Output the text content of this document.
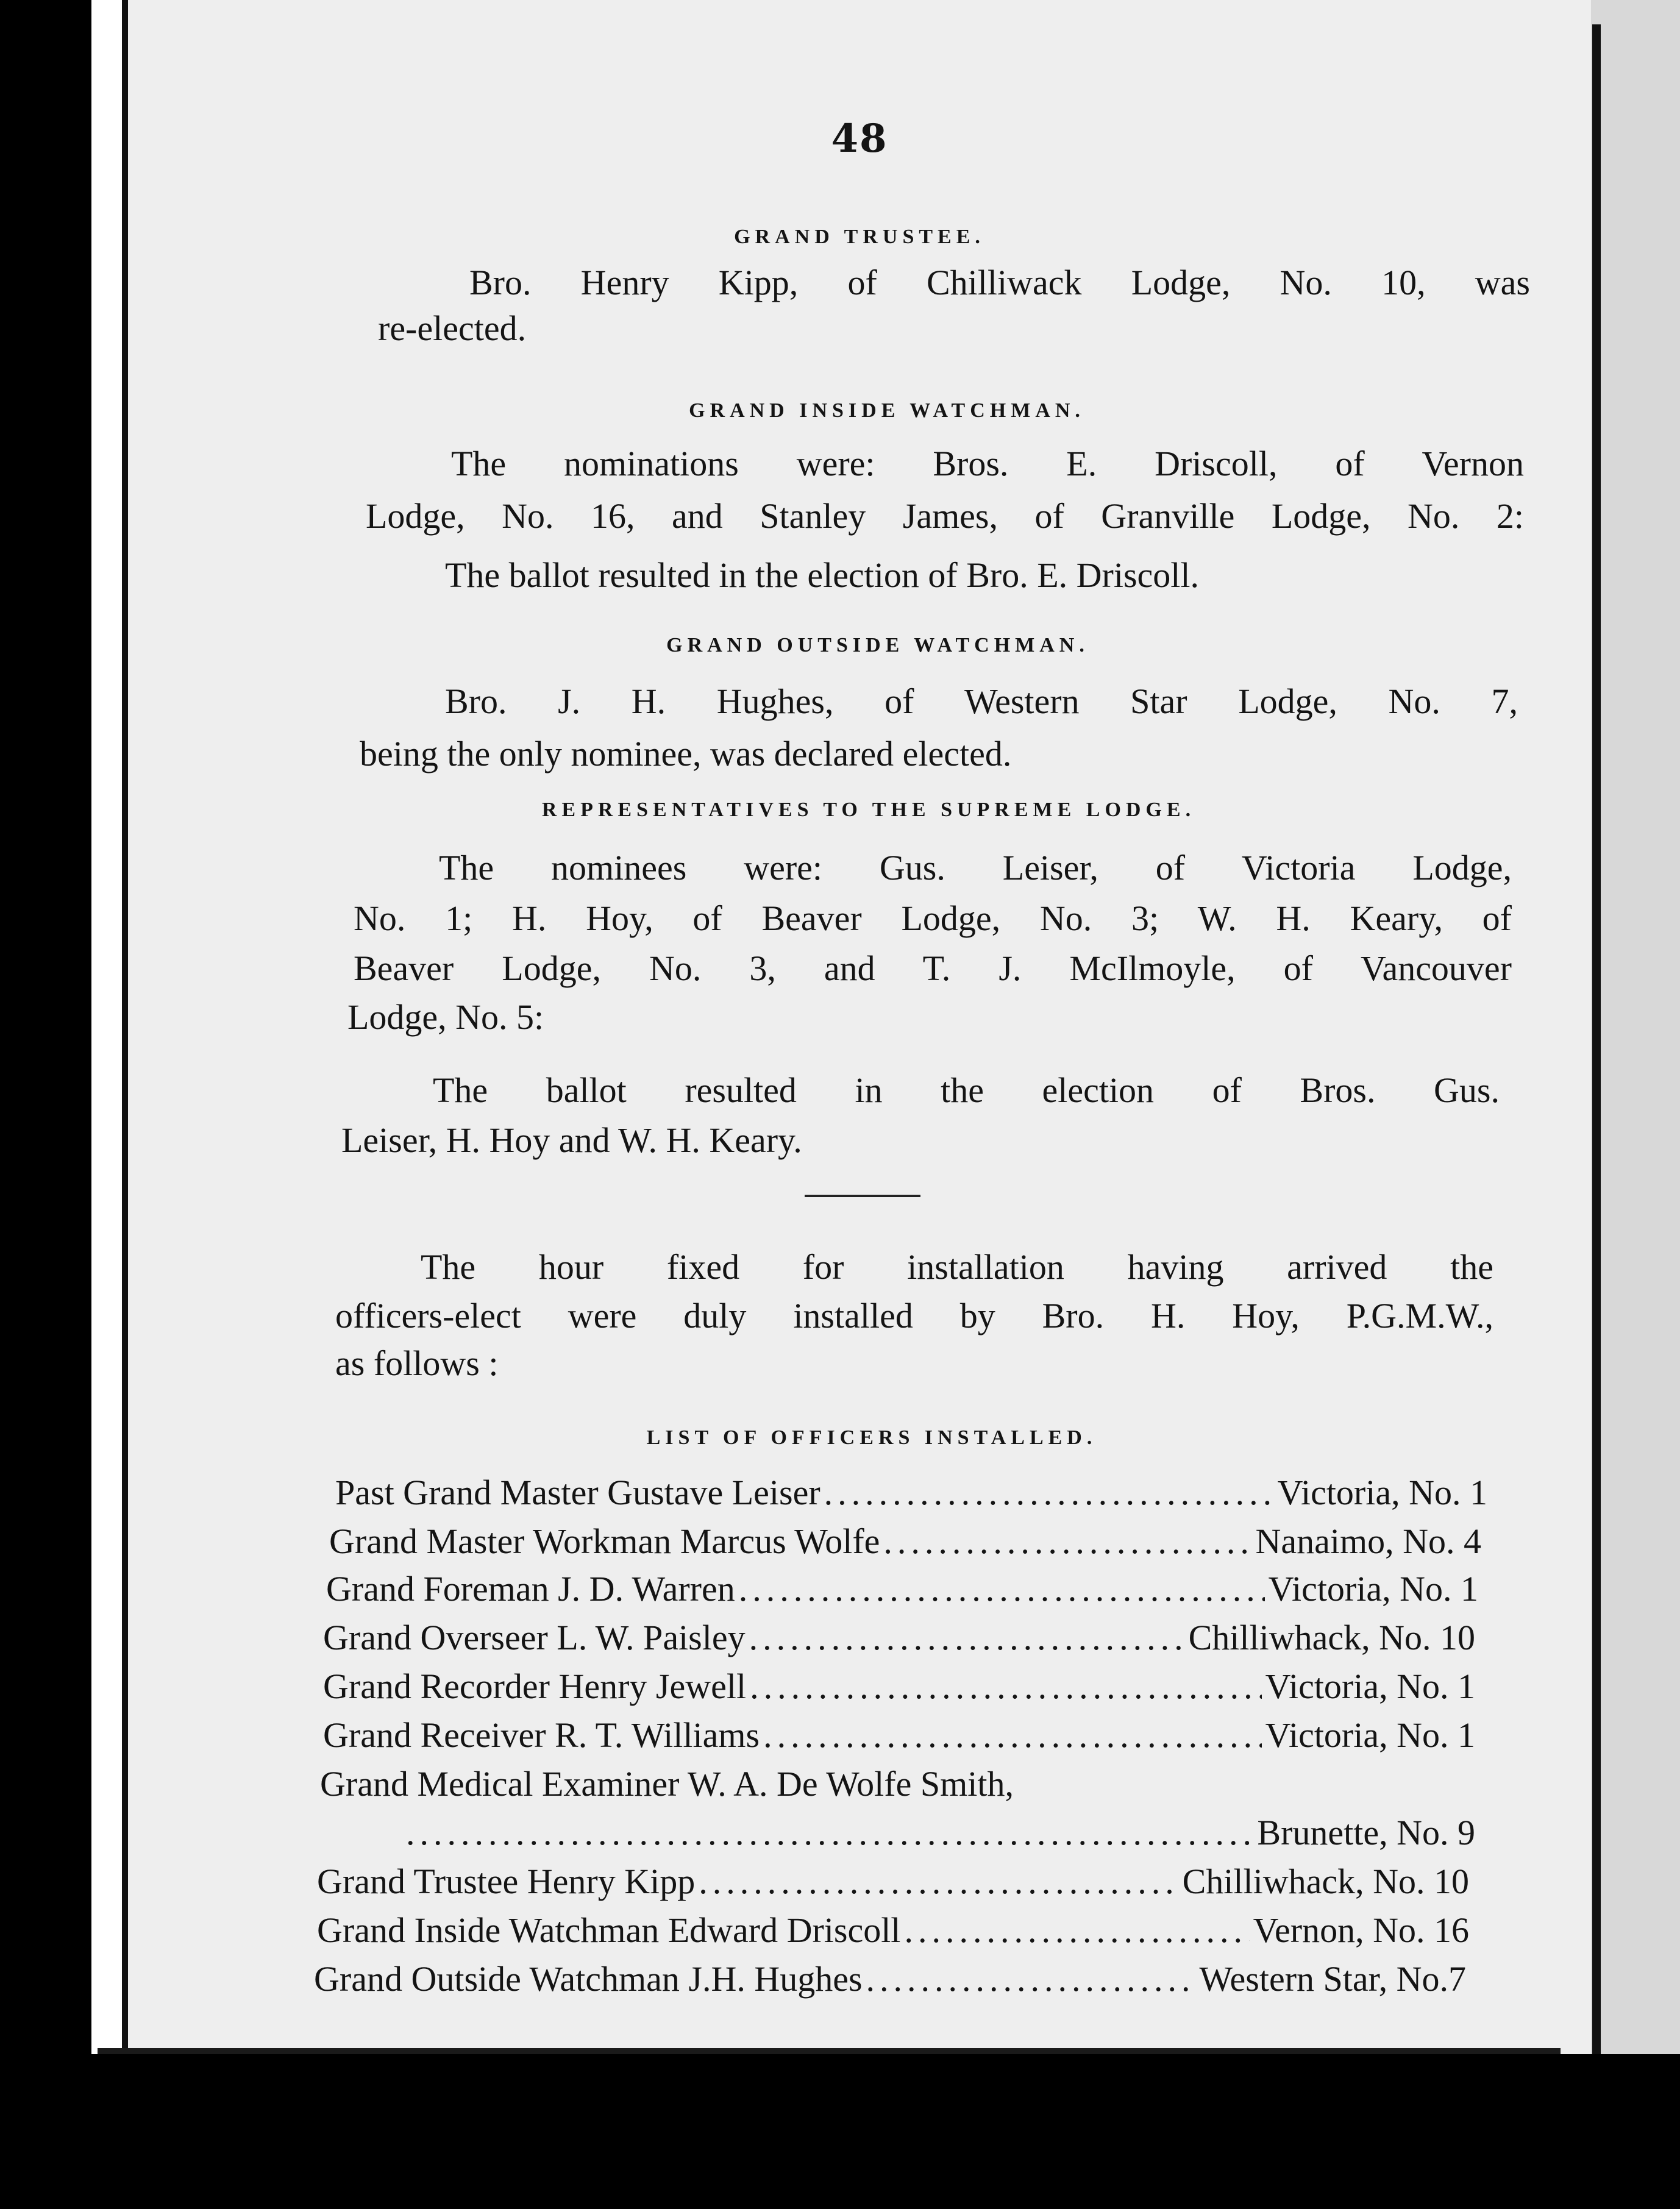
48
GRAND TRUSTEE.
Bro. Henry Kipp, of Chilliwack Lodge, No. 10, was
re-elected.
GRAND INSIDE WATCHMAN.
The nominations were: Bros. E. Driscoll, of Vernon
Lodge, No. 16, and Stanley James, of Granville Lodge, No. 2:
The ballot resulted in the election of Bro. E. Driscoll.
GRAND OUTSIDE WATCHMAN.
Bro. J. H. Hughes, of Western Star Lodge, No. 7,
being the only nominee, was declared elected.
REPRESENTATIVES TO THE SUPREME LODGE.
The nominees were: Gus. Leiser, of Victoria Lodge,
No. 1; H. Hoy, of Beaver Lodge, No. 3; W. H. Keary, of
Beaver Lodge, No. 3, and T. J. McIlmoyle, of Vancouver
Lodge, No. 5:
The ballot resulted in the election of Bros. Gus.
Leiser, H. Hoy and W. H. Keary.
The hour fixed for installation having arrived the
officers-elect were duly installed by Bro. H. Hoy, P.G.M.W.,
as follows :
LIST OF OFFICERS INSTALLED.
Past Grand Master Gustave Leiser .....	Victoria, No. 1
Grand Master Workman Marcus Wolfe .....	Nanaimo, No. 4
Grand Foreman J. D. Warren .....	Victoria, No. 1
Grand Overseer L. W. Paisley .....	Chilliwhack, No. 10
Grand Recorder Henry Jewell .....	Victoria, No. 1
Grand Receiver R. T. Williams .....	Victoria, No. 1
Grand Medical Examiner W. A. De Wolfe Smith,
.....
Brunette, No. 9
Grand Trustee Henry Kipp .....	Chilliwhack, No. 10
Grand Inside Watchman Edward Driscoll .....	Vernon, No. 16
Grand Outside Watchman J.H. Hughes .....	Western Star, No.7
